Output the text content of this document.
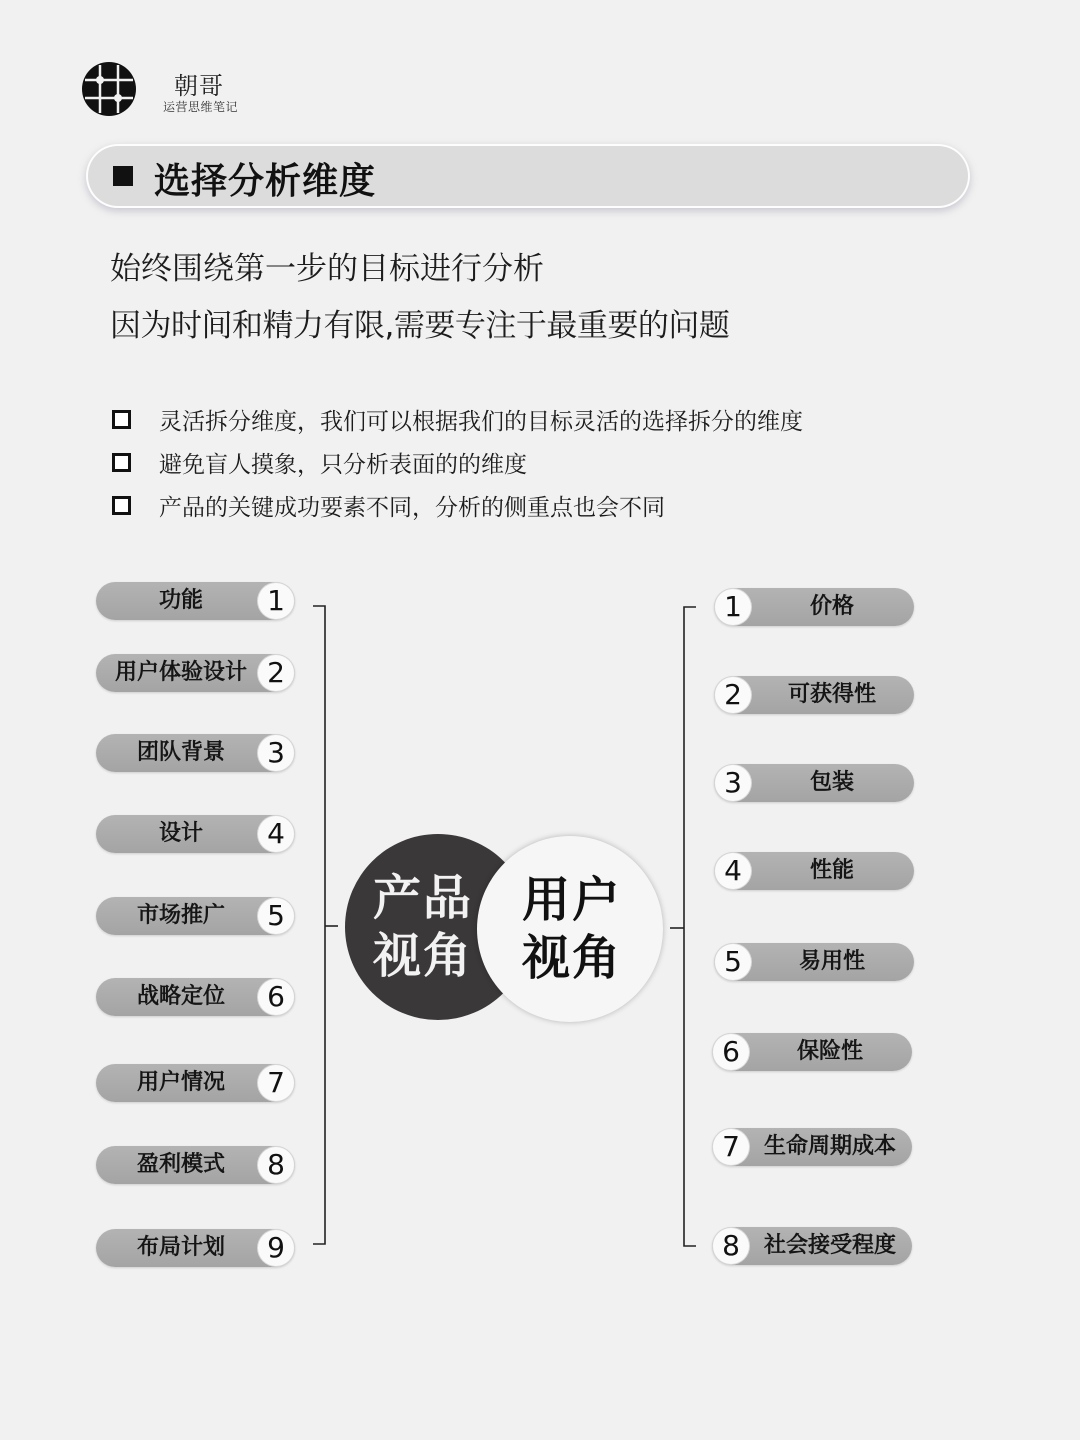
朝哥
运营思维笔记
选择分析维度
始终围绕第一步的目标进行分析
因为时间和精力有限,需要专注于最重要的问题
灵活拆分维度，我们可以根据我们的目标灵活的选择拆分的维度
避免盲人摸象，只分析表面的的维度
产品的关键成功要素不同，分析的侧重点也会不同
功能	1
用户体验设计 2
团队背景	3
设计	4
市场推广	5
战略定位	6
用户情况	7
盈利模式	8
布局计划	9
产品
视角
用户
视角
1	价格
2	可获得性
3	包装
4	性能
5	易用性
6	保险性
7	生命周期成本
8	社会接受程度
